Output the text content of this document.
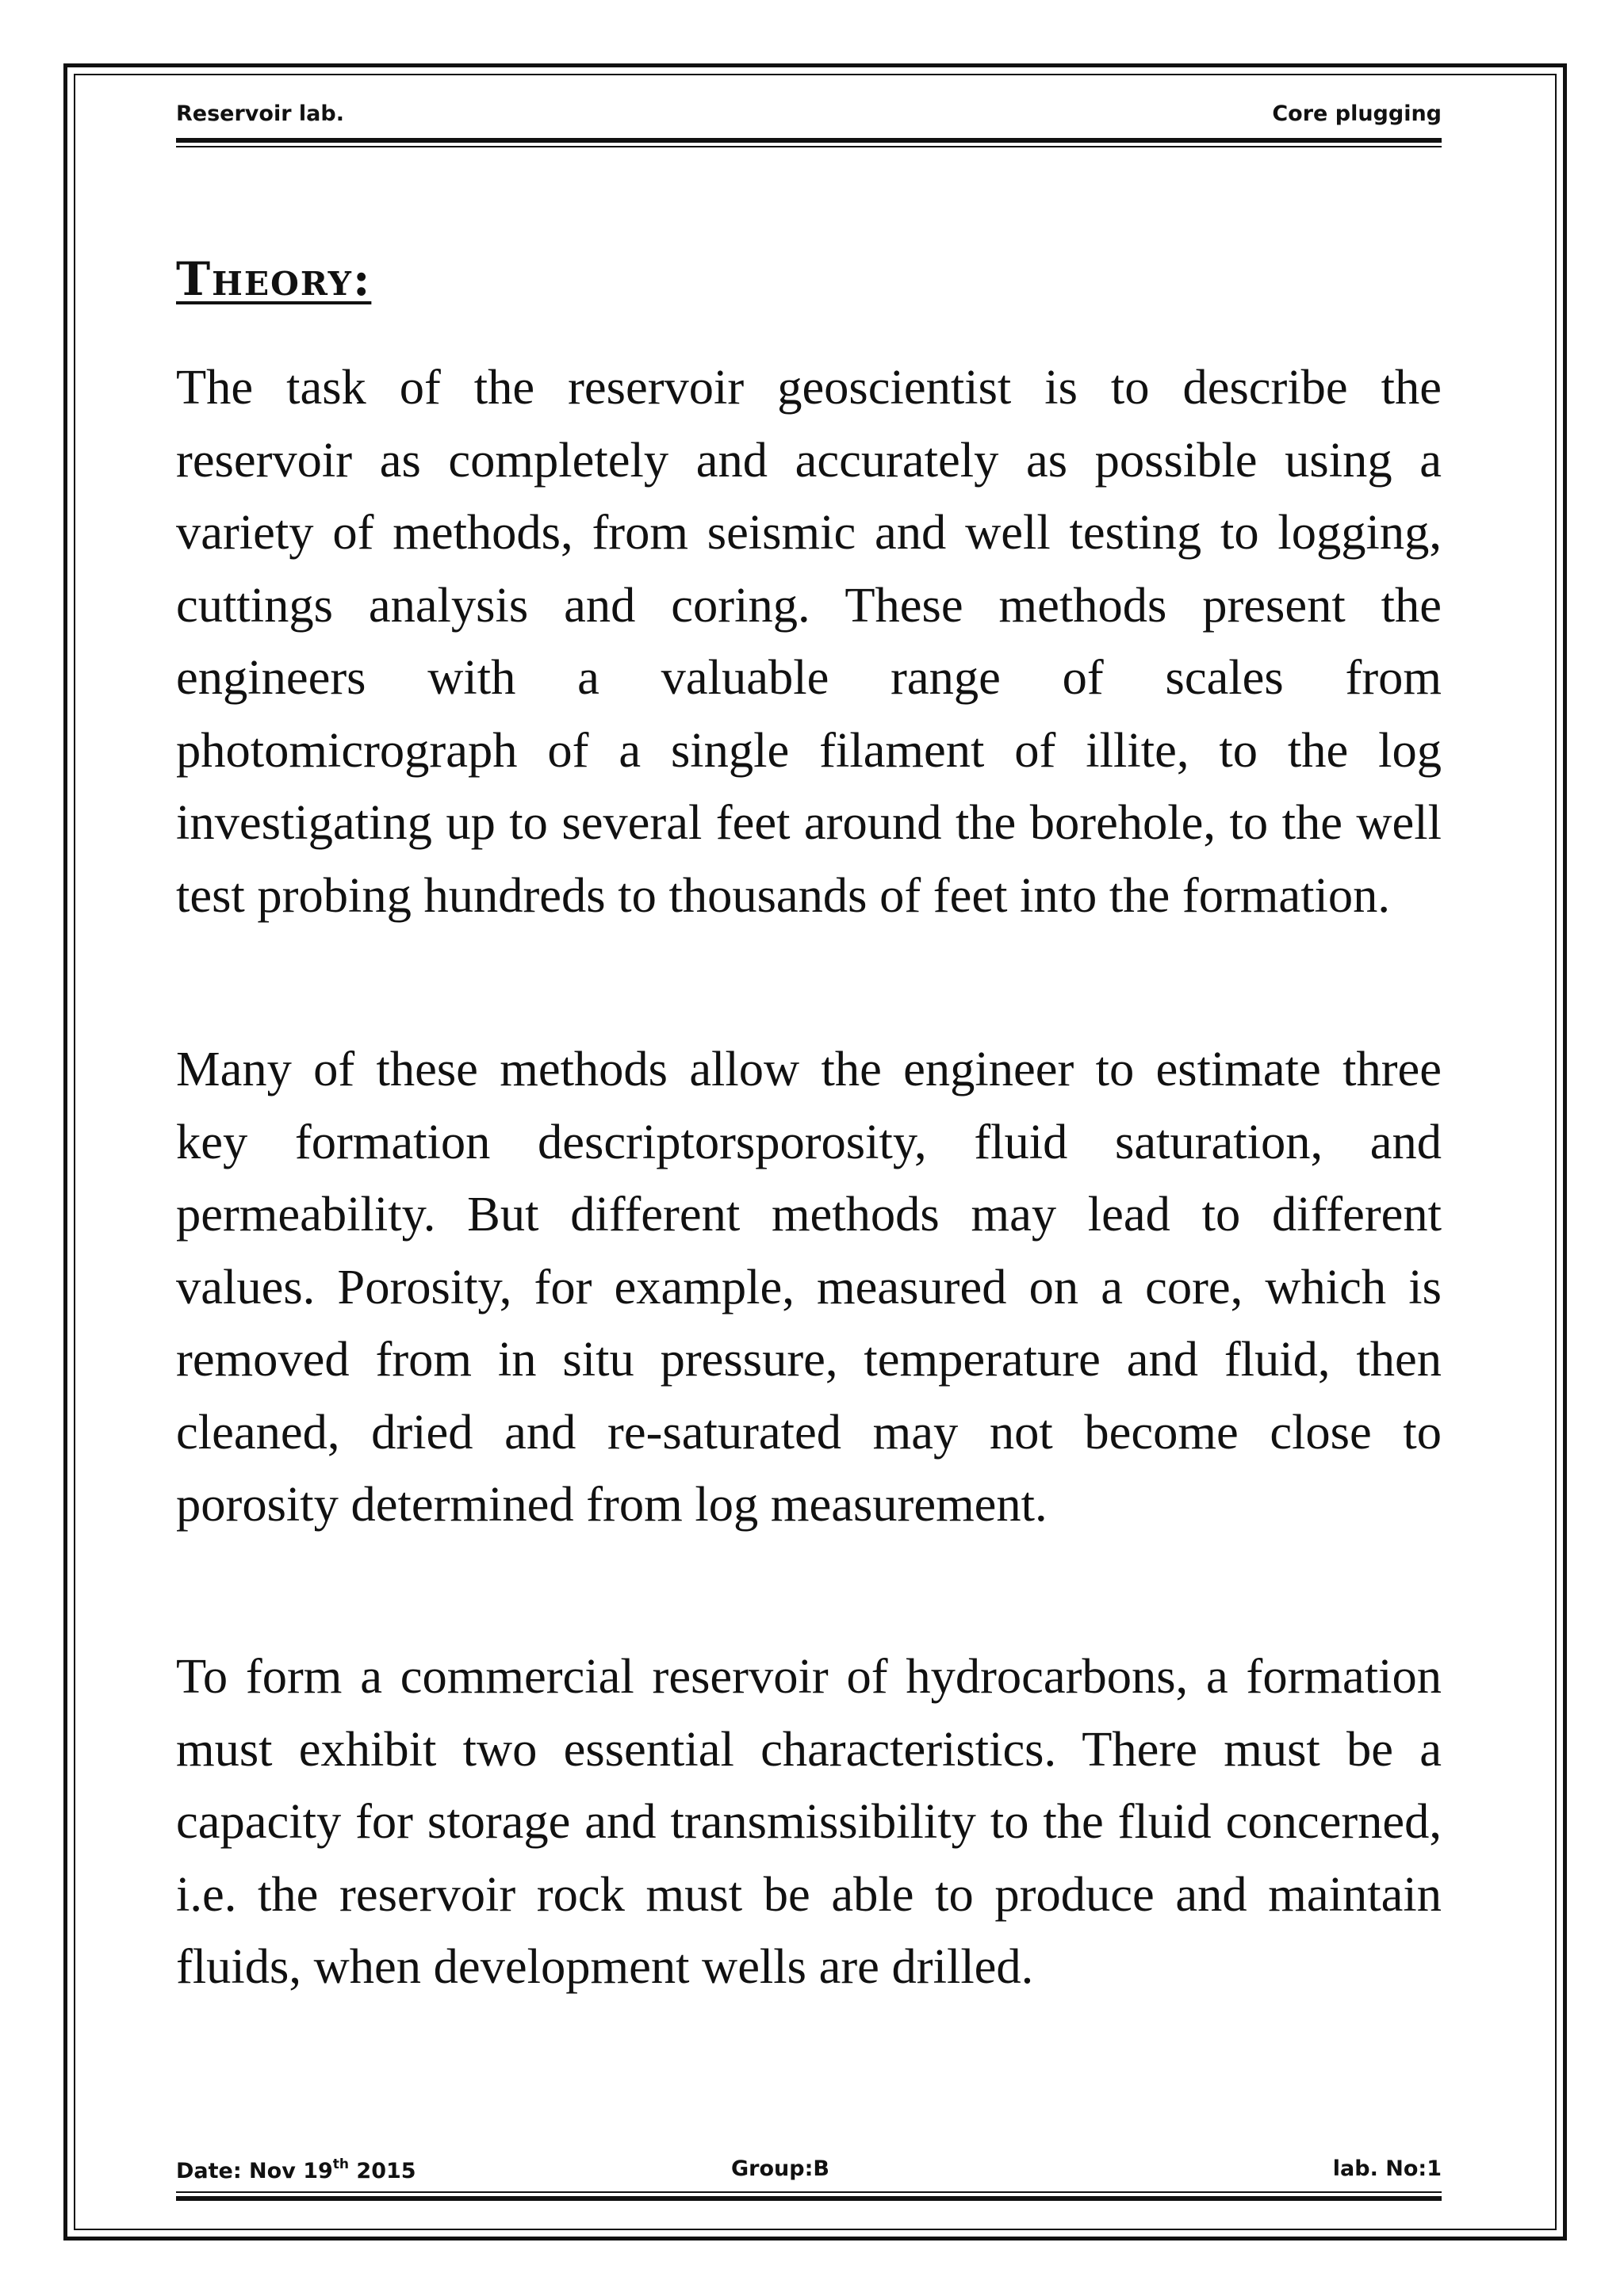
Reservoir lab.	Core plugging
Theory:

The task of the reservoir geoscientist is to describe the reservoir as completely and accurately as possible using a variety of methods, from seismic and well testing to logging, cuttings analysis and coring. These methods present the engineers with a valuable range of scales from photomicrograph of a single filament of illite, to the log investigating up to several feet around the borehole, to the well test probing hundreds to thousands of feet into the formation.

Many of these methods allow the engineer to estimate three key formation descriptorsporosity, fluid saturation, and permeability. But different methods may lead to different values. Porosity, for example, measured on a core, which is removed from in situ pressure, temperature and fluid, then cleaned, dried and re-saturated may not become close to porosity determined from log measurement.

To form a commercial reservoir of hydrocarbons, a formation must exhibit two essential characteristics. There must be a capacity for storage and transmissibility to the fluid concerned, i.e. the reservoir rock must be able to produce and maintain fluids, when development wells are drilled.

Date: Nov 19th 2015	Group:B	lab. No:1
